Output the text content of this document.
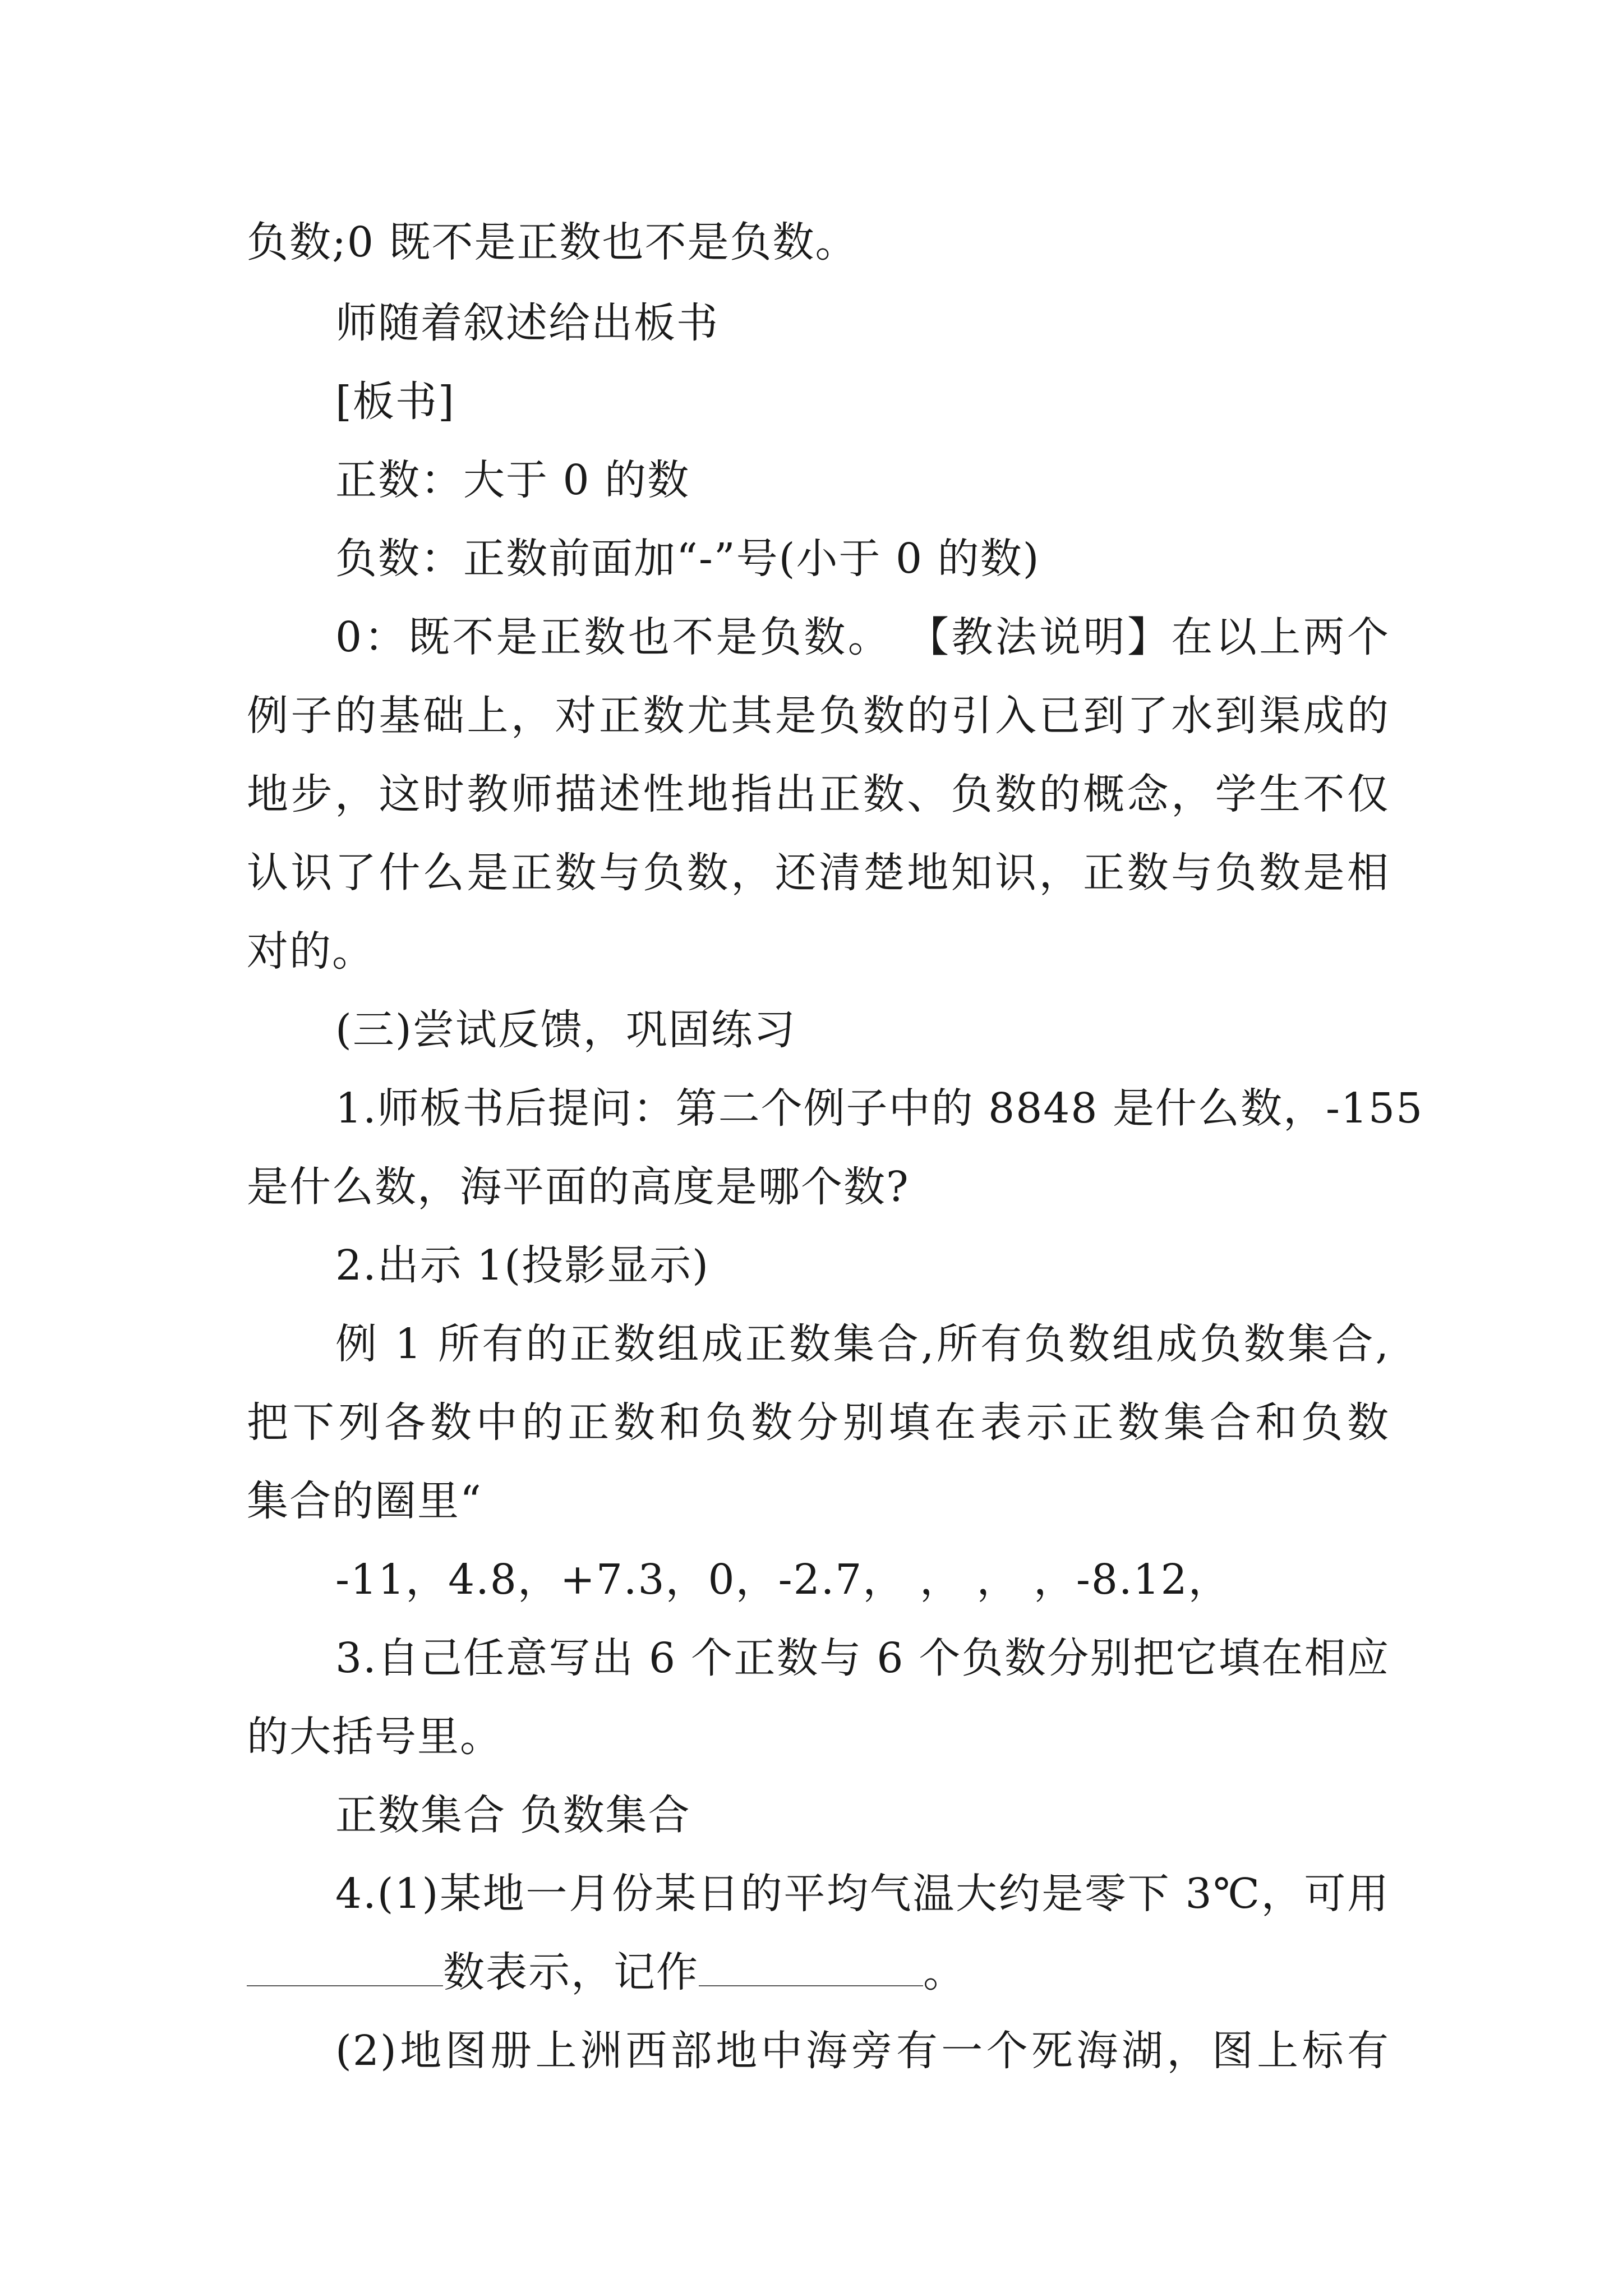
负数;0 既不是正数也不是负数。
师随着叙述给出板书
[板书]
正数：大于 0 的数
负数：正数前面加“-”号(小于 0 的数)
0：既不是正数也不是负数。 【教法说明】在以上两个
例子的基础上，对正数尤其是负数的引入已到了水到渠成的
地步，这时教师描述性地指出正数、负数的概念，学生不仅
认识了什么是正数与负数，还清楚地知识，正数与负数是相
对的。
(三)尝试反馈，巩固练习
1.师板书后提问：第二个例子中的 8848 是什么数，-155
是什么数，海平面的高度是哪个数?
2.出示 1(投影显示)
例 1 所有的正数组成正数集合,所有负数组成负数集合,
把下列各数中的正数和负数分别填在表示正数集合和负数
集合的圈里“
-11，4.8，+7.3，0，-2.7， ， ， ，-8.12，
3.自己任意写出 6 个正数与 6 个负数分别把它填在相应
的大括号里。
正数集合 负数集合
4.(1)某地一月份某日的平均气温大约是零下 3℃，可用
数表示，记作	。
(2)地图册上洲西部地中海旁有一个死海湖，图上标有
